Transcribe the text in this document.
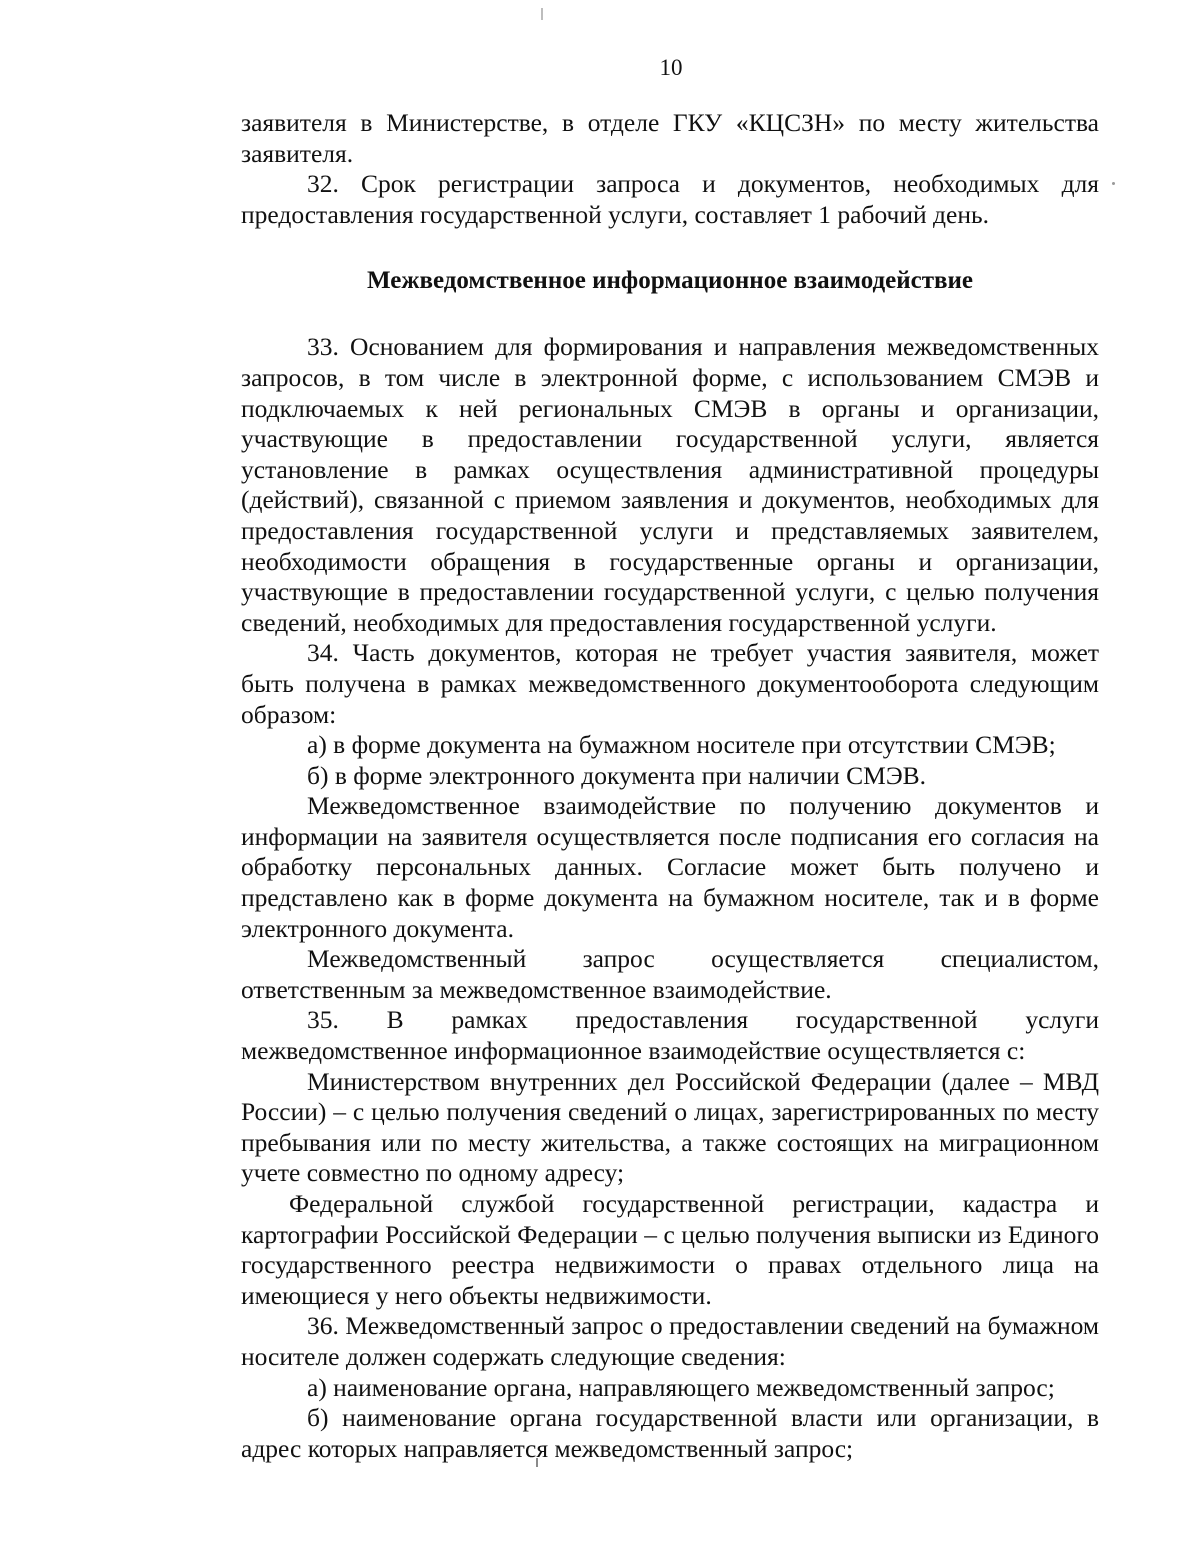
10

заявителя в Министерстве, в отделе ГКУ «КЦСЗН» по месту жительства заявителя.

32. Срок регистрации запроса и документов, необходимых для предоставления государственной услуги, составляет 1 рабочий день.

Межведомственное информационное взаимодействие

33. Основанием для формирования и направления межведомственных запросов, в том числе в электронной форме, с использованием СМЭВ и подключаемых к ней региональных СМЭВ в органы и организации, участвующие в предоставлении государственной услуги, является установление в рамках осуществления административной процедуры (действий), связанной с приемом заявления и документов, необходимых для предоставления государственной услуги и представляемых заявителем, необходимости обращения в государственные органы и организации, участвующие в предоставлении государственной услуги, с целью получения сведений, необходимых для предоставления государственной услуги.

34. Часть документов, которая не требует участия заявителя, может быть получена в рамках межведомственного документооборота следующим образом:

а) в форме документа на бумажном носителе при отсутствии СМЭВ;

б) в форме электронного документа при наличии СМЭВ.

Межведомственное взаимодействие по получению документов и информации на заявителя осуществляется после подписания его согласия на обработку персональных данных. Согласие может быть получено и представлено как в форме документа на бумажном носителе, так и в форме электронного документа.

Межведомственный запрос осуществляется специалистом, ответственным за межведомственное взаимодействие.

35. В рамках предоставления государственной услуги межведомственное информационное взаимодействие осуществляется с:

Министерством внутренних дел Российской Федерации (далее – МВД России) – с целью получения сведений о лицах, зарегистрированных по месту пребывания или по месту жительства, а также состоящих на миграционном учете совместно по одному адресу;

Федеральной службой государственной регистрации, кадастра и картографии Российской Федерации – с целью получения выписки из Единого государственного реестра недвижимости о правах отдельного лица на имеющиеся у него объекты недвижимости.

36. Межведомственный запрос о предоставлении сведений на бумажном носителе должен содержать следующие сведения:

а) наименование органа, направляющего межведомственный запрос;

б) наименование органа государственной власти или организации, в адрес которых направляется межведомственный запрос;
